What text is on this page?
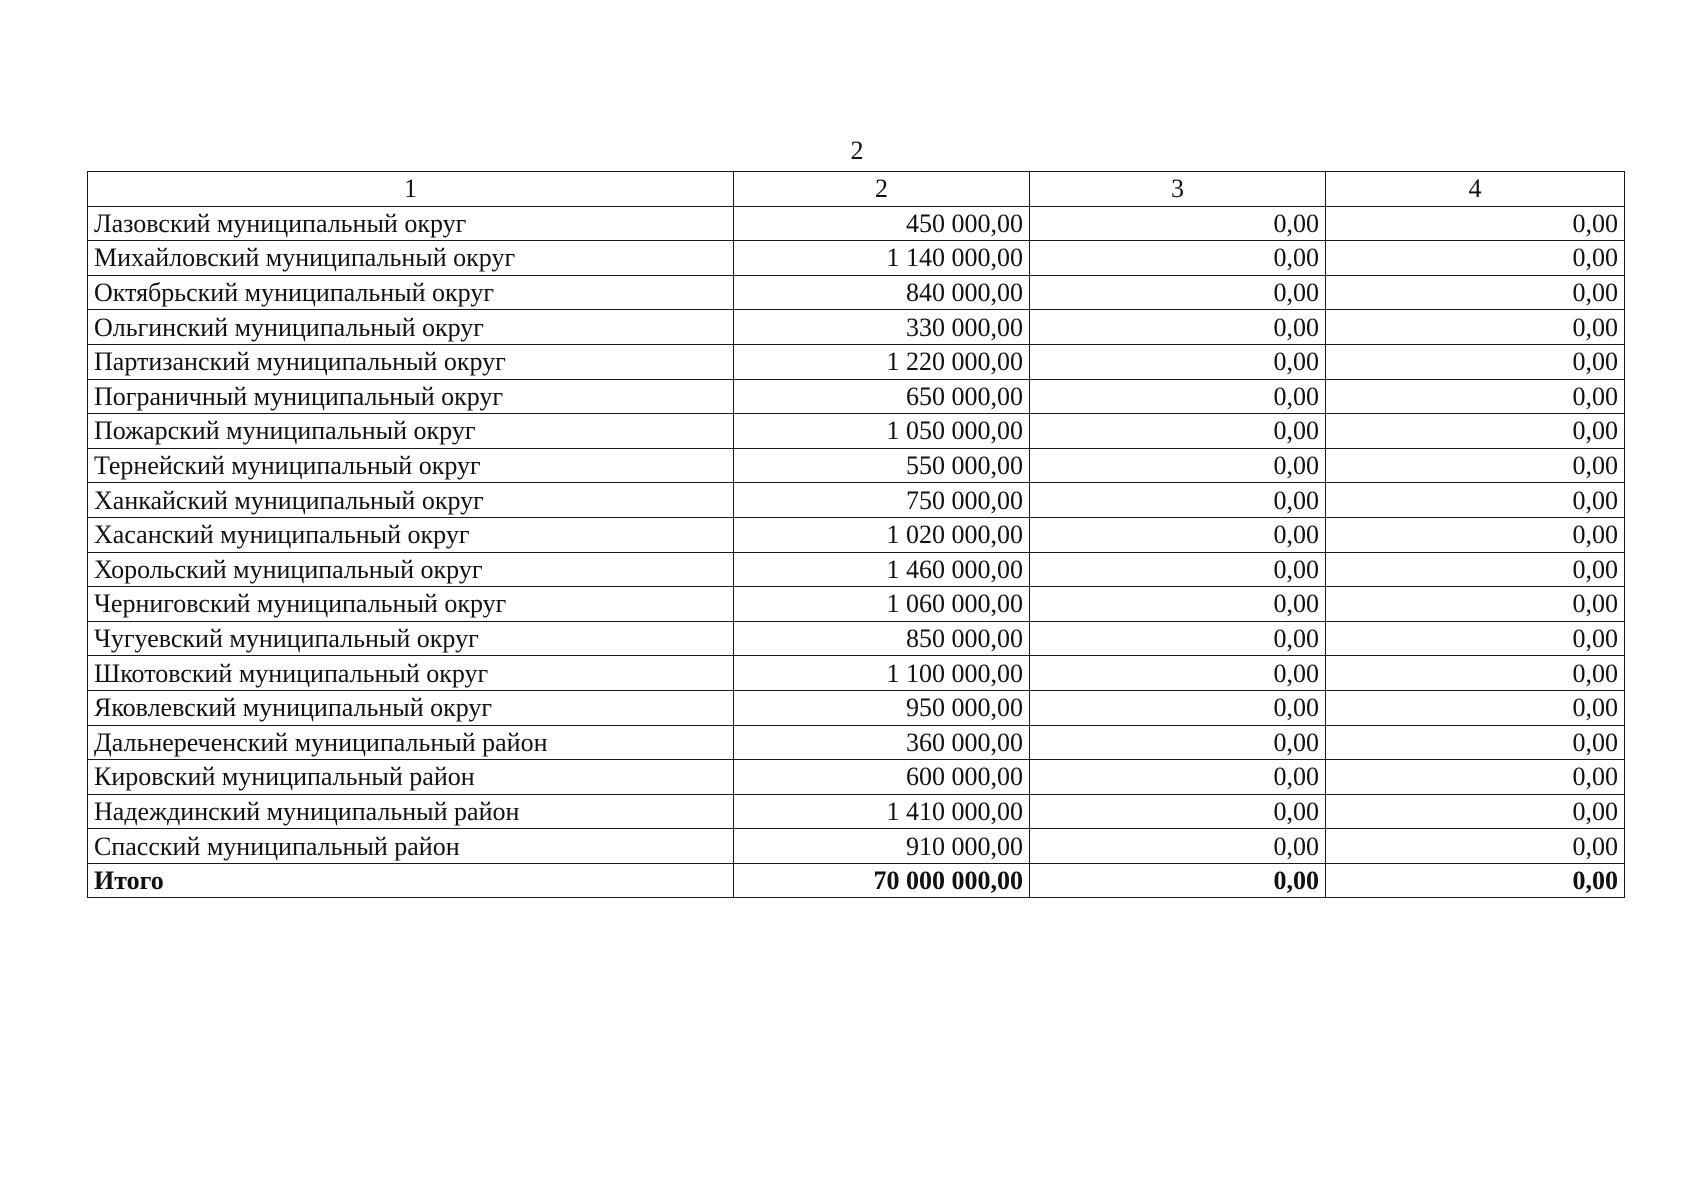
2
1	2	3	4
Лазовский муниципальный округ	450 000,00	0,00	0,00
Михайловский муниципальный округ	1 140 000,00	0,00	0,00
Октябрьский муниципальный округ	840 000,00	0,00	0,00
Ольгинский муниципальный округ	330 000,00	0,00	0,00
Партизанский муниципальный округ	1 220 000,00	0,00	0,00
Пограничный муниципальный округ	650 000,00	0,00	0,00
Пожарский муниципальный округ	1 050 000,00	0,00	0,00
Тернейский муниципальный округ	550 000,00	0,00	0,00
Ханкайский муниципальный округ	750 000,00	0,00	0,00
Хасанский муниципальный округ	1 020 000,00	0,00	0,00
Хорольский муниципальный округ	1 460 000,00	0,00	0,00
Черниговский муниципальный округ	1 060 000,00	0,00	0,00
Чугуевский муниципальный округ	850 000,00	0,00	0,00
Шкотовский муниципальный округ	1 100 000,00	0,00	0,00
Яковлевский муниципальный округ	950 000,00	0,00	0,00
Дальнереченский муниципальный район	360 000,00	0,00	0,00
Кировский муниципальный район	600 000,00	0,00	0,00
Надеждинский муниципальный район	1 410 000,00	0,00	0,00
Спасский муниципальный район	910 000,00	0,00	0,00
Итого	70 000 000,00	0,00	0,00
